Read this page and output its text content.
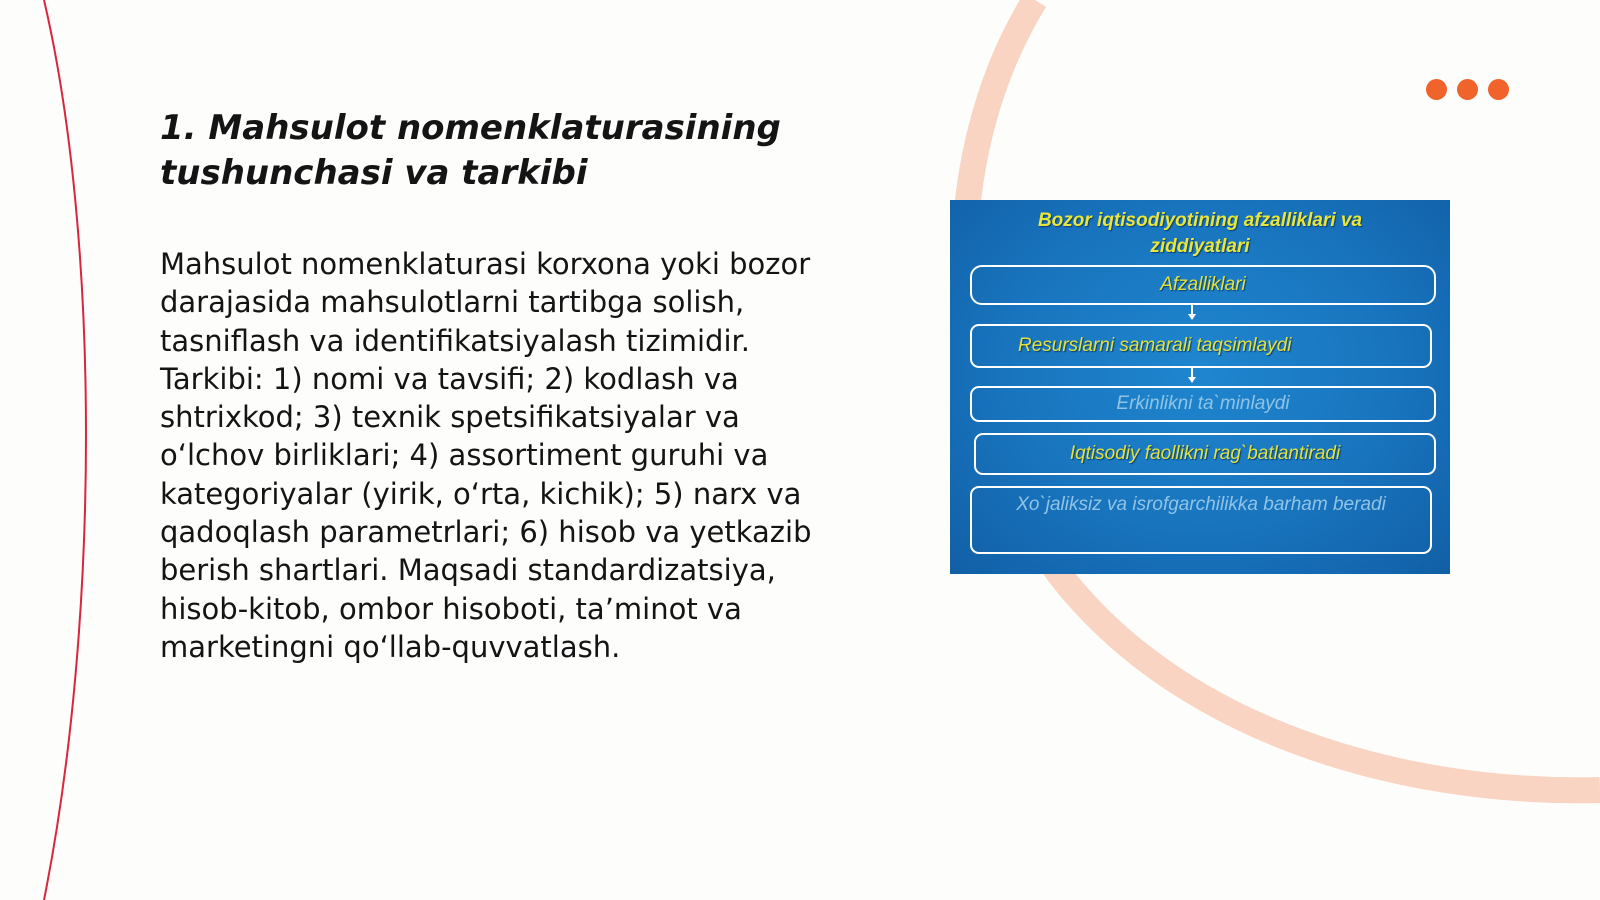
1. Mahsulot nomenklaturasining
tushunchasi va tarkibi

Mahsulot nomenklaturasi korxona yoki bozor
darajasida mahsulotlarni tartibga solish,
tasniflash va identifikatsiyalash tizimidir.
Tarkibi: 1) nomi va tavsifi; 2) kodlash va
shtrixkod; 3) texnik spetsifikatsiyalar va
o‘lchov birliklari; 4) assortiment guruhi va
kategoriyalar (yirik, o‘rta, kichik); 5) narx va
qadoqlash parametrlari; 6) hisob va yetkazib
berish shartlari. Maqsadi standardizatsiya,
hisob-kitob, ombor hisoboti, ta’minot va
marketingni qo‘llab-quvvatlash.

Bozor iqtisodiyotining afzalliklari va
ziddiyatlari
Afzalliklari
Resurslarni samarali taqsimlaydi
Erkinlikni ta`minlaydi
Iqtisodiy faollikni rag`batlantiradi
Xo`jaliksiz va isrofgarchilikka barham beradi
